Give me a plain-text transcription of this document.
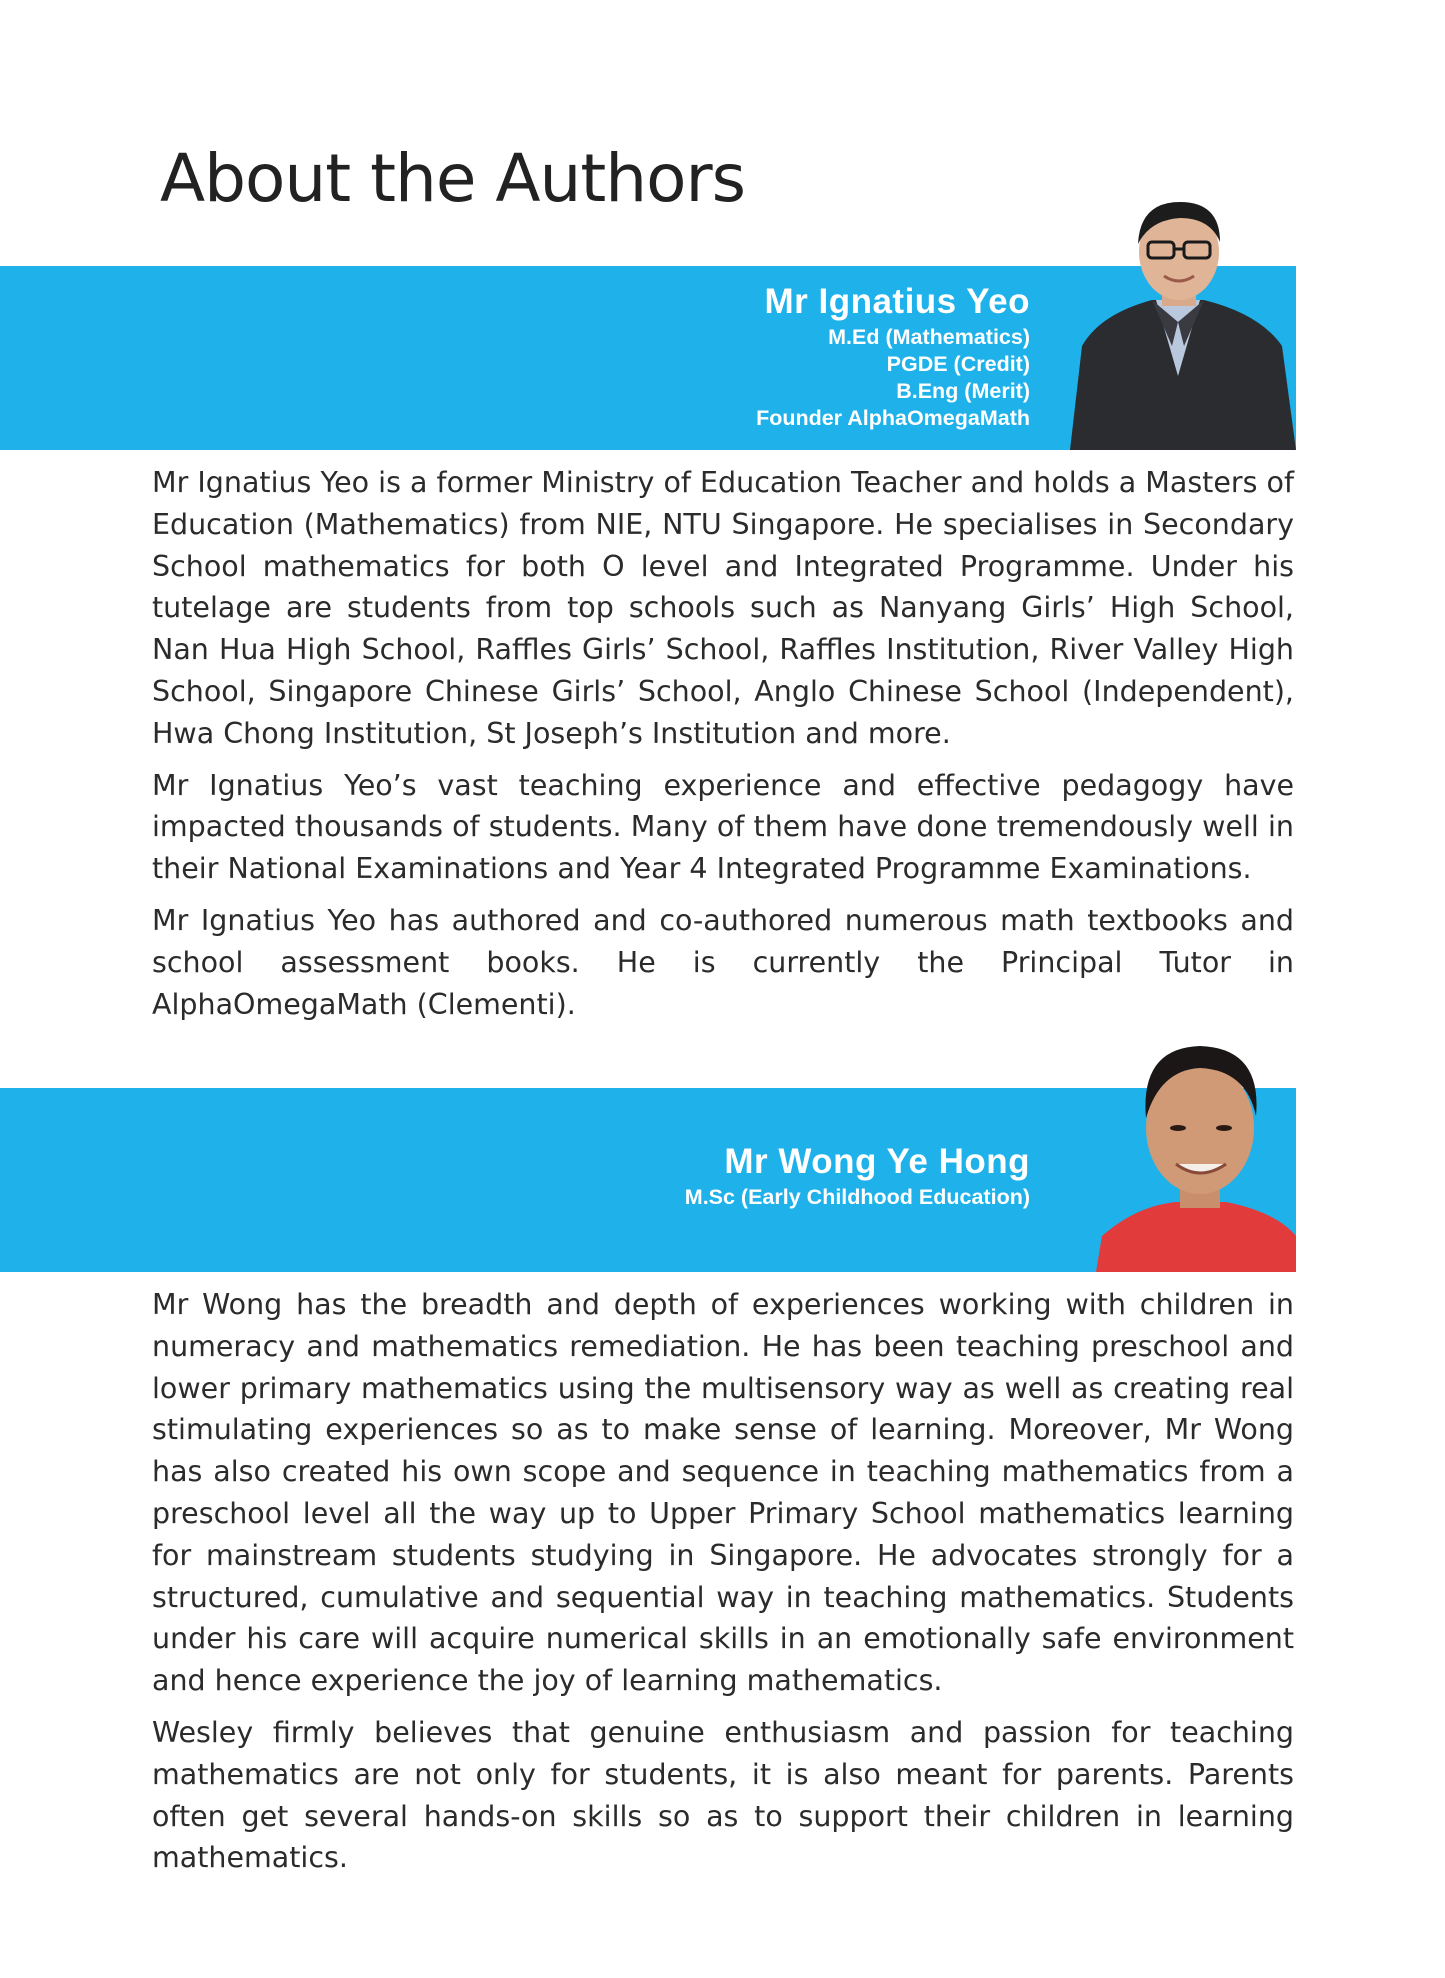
About the Authors
Mr Ignatius Yeo
M.Ed (Mathematics)
PGDE (Credit)
B.Eng (Merit)
Founder AlphaOmegaMath

Mr Ignatius Yeo is a former Ministry of Education Teacher and holds a Masters of Education (Mathematics) from NIE, NTU Singapore. He specialises in Secondary School mathematics for both O level and Integrated Programme. Under his tutelage are students from top schools such as Nanyang Girls’ High School, Nan Hua High School, Raffles Girls’ School, Raffles Institution, River Valley High School, Singapore Chinese Girls’ School, Anglo Chinese School (Independent), Hwa Chong Institution, St Joseph’s Institution and more.

Mr Ignatius Yeo’s vast teaching experience and effective pedagogy have impacted thousands of students. Many of them have done tremendously well in their National Examinations and Year 4 Integrated Programme Examinations.

Mr Ignatius Yeo has authored and co-authored numerous math textbooks and school assessment books. He is currently the Principal Tutor in AlphaOmegaMath (Clementi).

Mr Wong Ye Hong
M.Sc (Early Childhood Education)

Mr Wong has the breadth and depth of experiences working with children in numeracy and mathematics remediation. He has been teaching preschool and lower primary mathematics using the multisensory way as well as creating real stimulating experiences so as to make sense of learning. Moreover, Mr Wong has also created his own scope and sequence in teaching mathematics from a preschool level all the way up to Upper Primary School mathematics learning for mainstream students studying in Singapore. He advocates strongly for a structured, cumulative and sequential way in teaching mathematics. Students under his care will acquire numerical skills in an emotionally safe environment and hence experience the joy of learning mathematics.

Wesley firmly believes that genuine enthusiasm and passion for teaching mathematics are not only for students, it is also meant for parents. Parents often get several hands-on skills so as to support their children in learning mathematics.
